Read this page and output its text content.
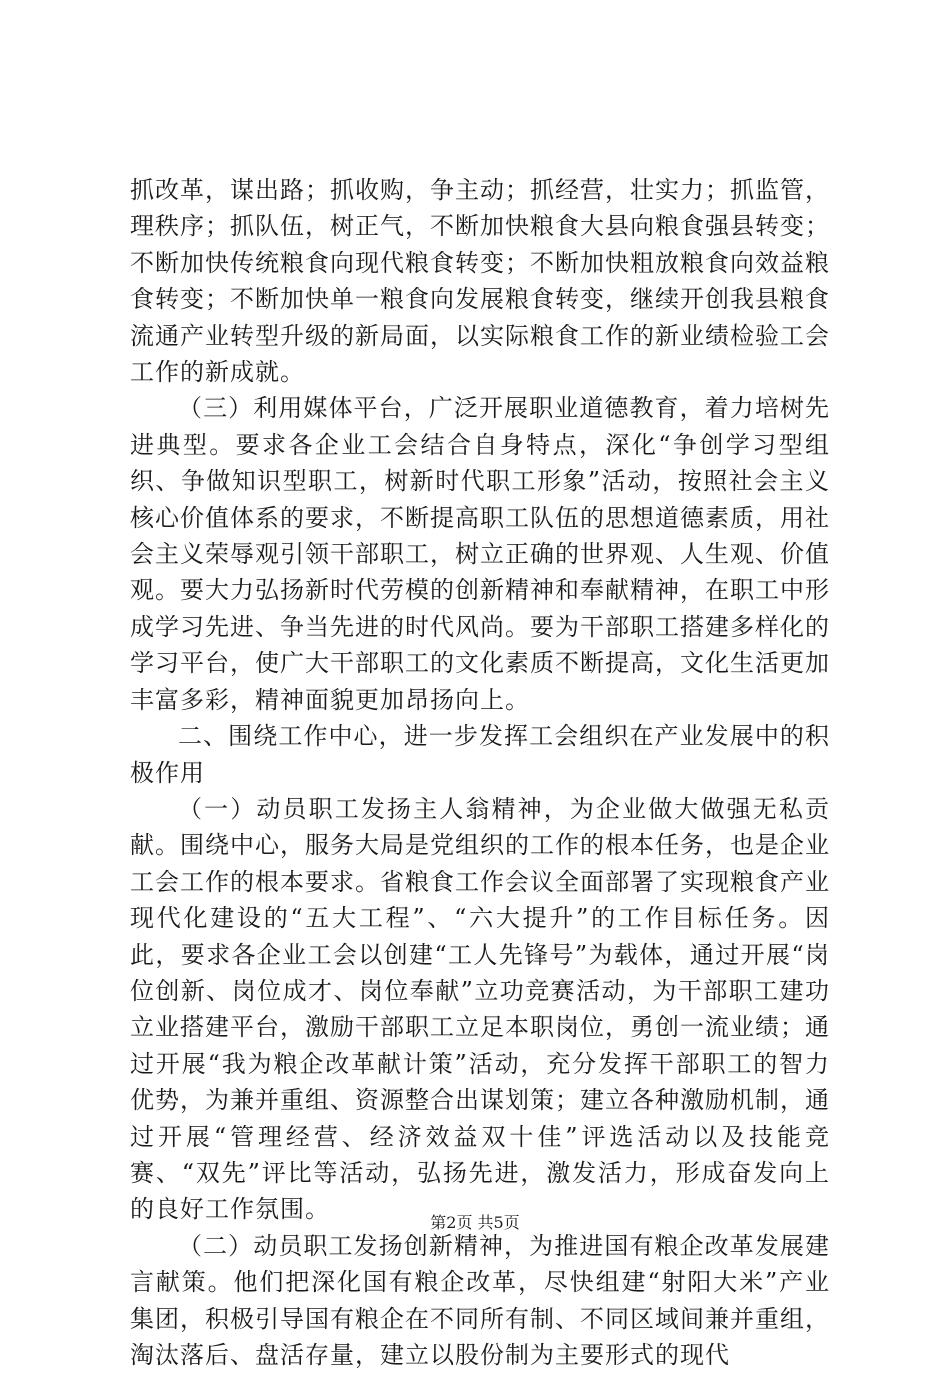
抓改革，谋出路；抓收购，争主动；抓经营，壮实力；抓监管，理秩序；抓队伍，树正气，不断加快粮食大县向粮食强县转变；不断加快传统粮食向现代粮食转变；不断加快粗放粮食向效益粮食转变；不断加快单一粮食向发展粮食转变，继续开创我县粮食流通产业转型升级的新局面，以实际粮食工作的新业绩检验工会工作的新成就。

（三）利用媒体平台，广泛开展职业道德教育，着力培树先进典型。要求各企业工会结合自身特点，深化“争创学习型组织、争做知识型职工，树新时代职工形象”活动，按照社会主义核心价值体系的要求，不断提高职工队伍的思想道德素质，用社会主义荣辱观引领干部职工，树立正确的世界观、人生观、价值观。要大力弘扬新时代劳模的创新精神和奉献精神，在职工中形成学习先进、争当先进的时代风尚。要为干部职工搭建多样化的学习平台，使广大干部职工的文化素质不断提高，文化生活更加丰富多彩，精神面貌更加昂扬向上。

二、围绕工作中心，进一步发挥工会组织在产业发展中的积极作用

（一）动员职工发扬主人翁精神，为企业做大做强无私贡献。围绕中心，服务大局是党组织的工作的根本任务，也是企业工会工作的根本要求。省粮食工作会议全面部署了实现粮食产业现代化建设的“五大工程”、“六大提升”的工作目标任务。因此，要求各企业工会以创建“工人先锋号”为载体，通过开展“岗位创新、岗位成才、岗位奉献”立功竞赛活动，为干部职工建功立业搭建平台，激励干部职工立足本职岗位，勇创一流业绩；通过开展“我为粮企改革献计策”活动，充分发挥干部职工的智力优势，为兼并重组、资源整合出谋划策；建立各种激励机制，通过开展“管理经营、经济效益双十佳”评选活动以及技能竞赛、“双先”评比等活动，弘扬先进，激发活力，形成奋发向上的良好工作氛围。

（二）动员职工发扬创新精神，为推进国有粮企改革发展建言献策。他们把深化国有粮企改革，尽快组建“射阳大米”产业集团，积极引导国有粮企在不同所有制、不同区域间兼并重组，淘汰落后、盘活存量，建立以股份制为主要形式的现代

第2页 共5页
